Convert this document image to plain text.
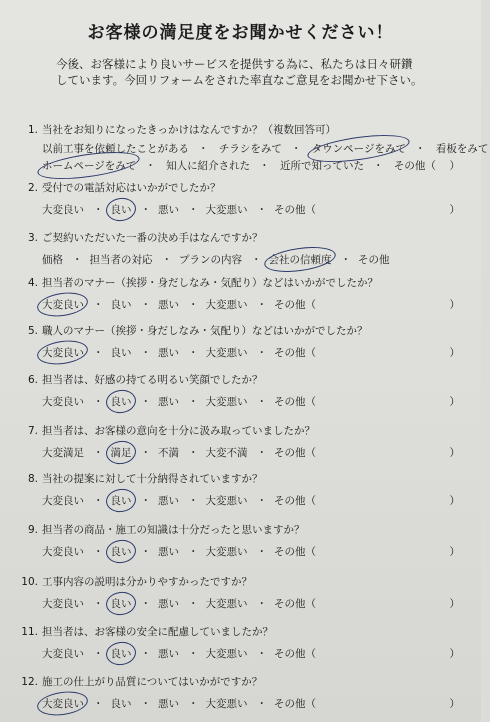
お客様の満足度をお聞かせください！
今後、お客様により良いサービスを提供する為に、私たちは日々研鑽
しています。今回リフォームをされた率直なご意見をお聞かせ下さい。
1. 当社をお知りになったきっかけはなんですか？（複数回答可）
以前工事を依頼したことがある ・ チラシをみて ・ タウンページをみて ・ 看板をみて
ホームページをみて ・ 知人に紹介された ・ 近所で知っていた ・ その他（ ）
2. 受付での電話対応はいかがでしたか？
大変良い ・ 良い ・ 悪い ・ 大変悪い ・ その他（	）
3. ご契約いただいた一番の決め手はなんですか？
価格 ・ 担当者の対応 ・ プランの内容 ・ 会社の信頼度 ・ その他
4. 担当者のマナー（挨拶・身だしなみ・気配り）などはいかがでしたか？
大変良い ・ 良い ・ 悪い ・ 大変悪い ・ その他（	）
5. 職人のマナー（挨拶・身だしなみ・気配り）などはいかがでしたか？
大変良い ・ 良い ・ 悪い ・ 大変悪い ・ その他（	）
6. 担当者は、好感の持てる明るい笑顔でしたか？
大変良い ・ 良い ・ 悪い ・ 大変悪い ・ その他（	）
7. 担当者は、お客様の意向を十分に汲み取っていましたか？
大変満足 ・ 満足 ・ 不満 ・ 大変不満 ・ その他（	）
8. 当社の提案に対して十分納得されていますか？
大変良い ・ 良い ・ 悪い ・ 大変悪い ・ その他（	）
9. 担当者の商品・施工の知識は十分だったと思いますか？
大変良い ・ 良い ・ 悪い ・ 大変悪い ・ その他（	）
10. 工事内容の説明は分かりやすかったですか？
大変良い ・ 良い ・ 悪い ・ 大変悪い ・ その他（	）
11. 担当者は、お客様の安全に配慮していましたか？
大変良い ・ 良い ・ 悪い ・ 大変悪い ・ その他（	）
12. 施工の仕上がり品質についてはいかがですか？
大変良い ・ 良い ・ 悪い ・ 大変悪い ・ その他（	）
